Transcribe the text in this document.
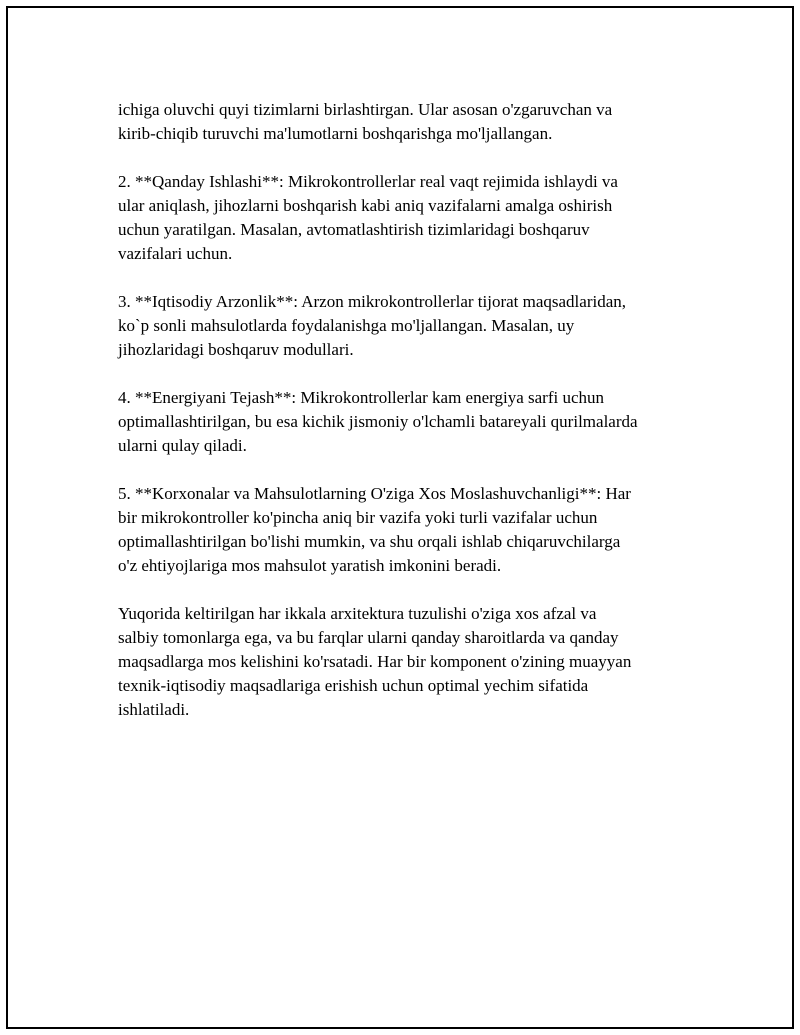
ichiga oluvchi quyi tizimlarni birlashtirgan. Ular asosan o'zgaruvchan va
kirib-chiqib turuvchi ma'lumotlarni boshqarishga mo'ljallangan.

2. **Qanday Ishlashi**: Mikrokontrollerlar real vaqt rejimida ishlaydi va
ular aniqlash, jihozlarni boshqarish kabi aniq vazifalarni amalga oshirish
uchun yaratilgan. Masalan, avtomatlashtirish tizimlaridagi boshqaruv
vazifalari uchun.

3. **Iqtisodiy Arzonlik**: Arzon mikrokontrollerlar tijorat maqsadlaridan,
ko`p sonli mahsulotlarda foydalanishga mo'ljallangan. Masalan, uy
jihozlaridagi boshqaruv modullari.

4. **Energiyani Tejash**: Mikrokontrollerlar kam energiya sarfi uchun
optimallashtirilgan, bu esa kichik jismoniy o'lchamli batareyali qurilmalarda
ularni qulay qiladi.

5. **Korxonalar va Mahsulotlarning O'ziga Xos Moslashuvchanligi**: Har
bir mikrokontroller ko'pincha aniq bir vazifa yoki turli vazifalar uchun
optimallashtirilgan bo'lishi mumkin, va shu orqali ishlab chiqaruvchilarga
o'z ehtiyojlariga mos mahsulot yaratish imkonini beradi.

Yuqorida keltirilgan har ikkala arxitektura tuzulishi o'ziga xos afzal va
salbiy tomonlarga ega, va bu farqlar ularni qanday sharoitlarda va qanday
maqsadlarga mos kelishini ko'rsatadi. Har bir komponent o'zining muayyan
texnik-iqtisodiy maqsadlariga erishish uchun optimal yechim sifatida
ishlatiladi.
